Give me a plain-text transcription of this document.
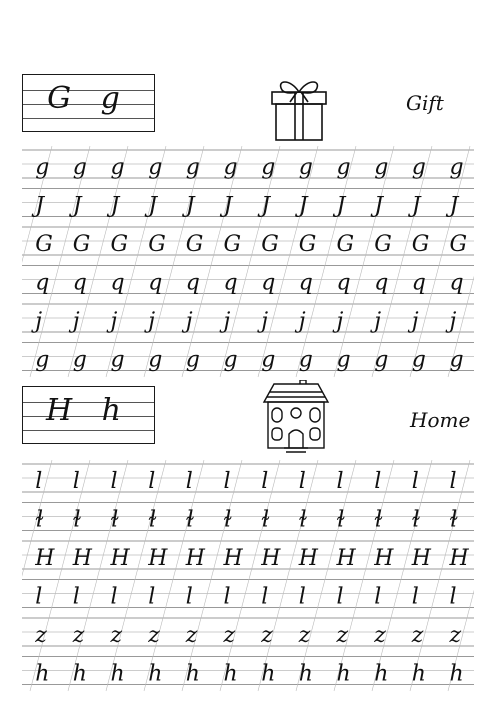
G g	Gift
g g g g g g g g g g g g
J J J J J J J J J J J J
G G G G G G G G G G G G
q q q q q q q q q q q q
j j j j j j j j j j j j
g g g g g g g g g g g g
H h	Home
l l l l l l l l l l l l
ɫ ɫ ɫ ɫ ɫ ɫ ɫ ɫ ɫ ɫ ɫ ɫ
H H H H H H H H H H H H
l l l l l l l l l l l l
z z z z z z z z z z z z
h h h h h h h h h h h h
